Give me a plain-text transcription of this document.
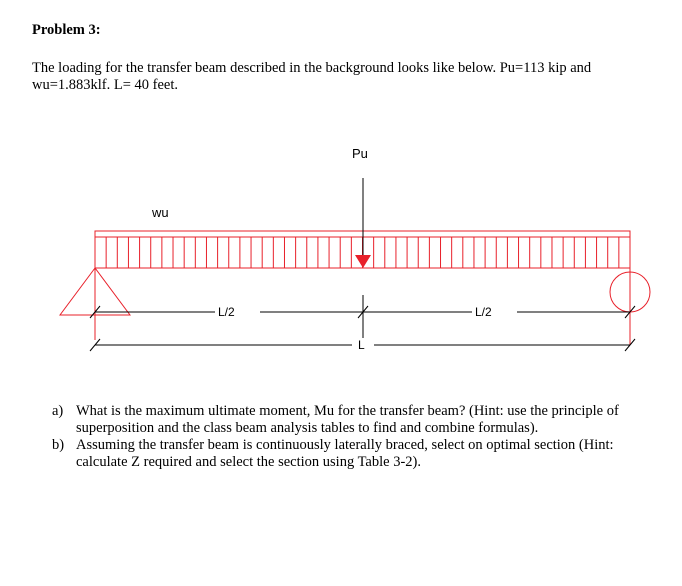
Problem 3:
The loading for the transfer beam described in the background looks like below. Pu=113 kip and wu=1.883klf. L= 40 feet.
Pu
wu
L/2	L/2
L
a) What is the maximum ultimate moment, Mu for the transfer beam? (Hint: use the principle of superposition and the class beam analysis tables to find and combine formulas).
b) Assuming the transfer beam is continuously laterally braced, select on optimal section (Hint: calculate Z required and select the section using Table 3-2).
